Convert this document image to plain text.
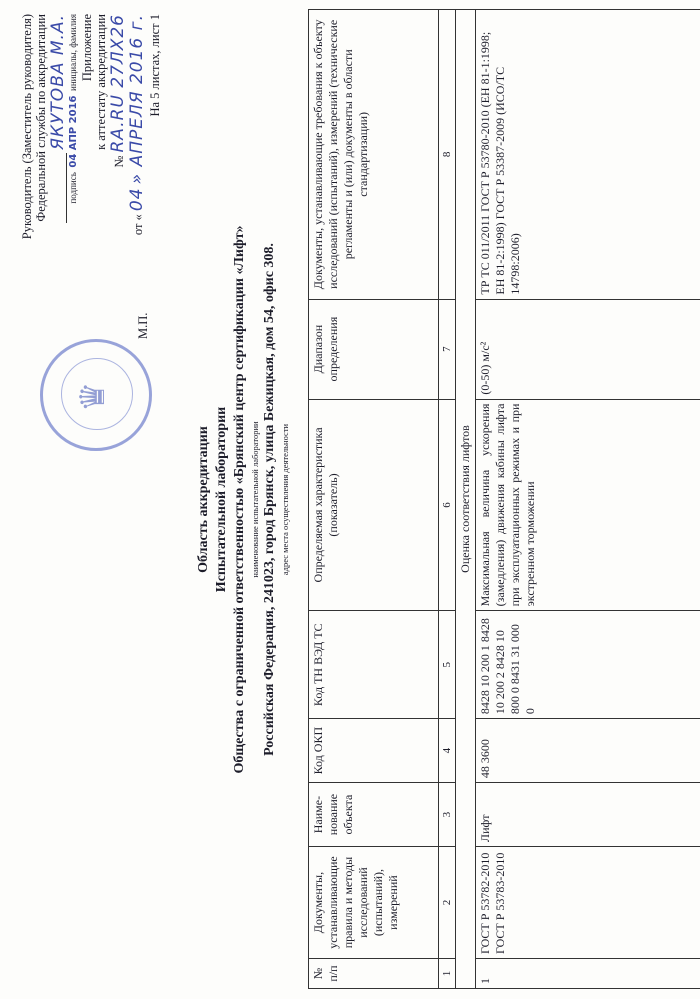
♛
Руководитель (Заместитель руководителя) Федеральной службы по аккредитации ЯКУТОВА М.А.
подпись  04 АПР 2016  инициалы, фамилия Приложение к аттестату аккредитации
№ RA.RU 27ЛХ26
от « 04 » АПРЕЛЯ 2016 г. На 5 листах, лист 1
М.П.
Область аккредитации Испытательной лаборатории Общества с ограниченной ответственностью «Брянский центр сертификации «Лифт» наименование испытательной лаборатории Российская Федерация, 241023, город Брянск, улица Бежицкая, дом 54, офис 308. адрес места осуществления деятельности
№ п/п	Документы, устанавливающие правила и методы исследований (испытаний), измерений	Наиме-нование объекта	Код ОКП	Код ТН ВЭД ТС	Определяемая характеристика (показатель)	Диапазон определения	Документы, устанавливающие требования к объекту исследований (испытаний), измерений (технические регламенты и (или) документы в области стандартизации)
1	2	3	4	5	6	7	8
Оценка соответствия лифтов							
1	ГОСТ Р 53782-2010 ГОСТ Р 53783-2010	Лифт	48 3600	8428 10 200 1 8428 10 200 2 8428 10 800 0 8431 31 000 0	Максимальная величина ускорения (замедления) движения кабины лифта при эксплуатационных режимах и при экстренном торможении	(0-50) м/с²	ТР ТС 011/2011 ГОСТ Р 53780-2010 (ЕН 81-1:1998; ЕН 81-2:1998) ГОСТ Р 53387-2009 (ИСО/ТС 14798:2006)
